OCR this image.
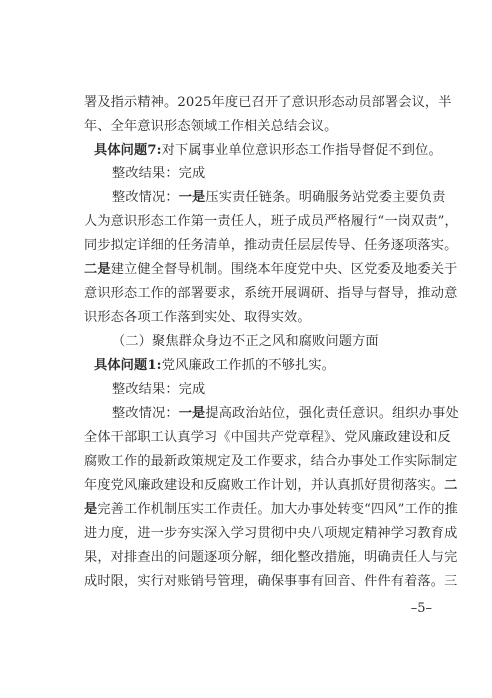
署及指示精神。2025年度已召开了意识形态动员部署会议，半
年、全年意识形态领域工作相关总结会议。
具体问题7:对下属事业单位意识形态工作指导督促不到位。
整改结果：完成
整改情况：一是压实责任链条。明确服务站党委主要负责
人为意识形态工作第一责任人，班子成员严格履行“一岗双责”，
同步拟定详细的任务清单，推动责任层层传导、任务逐项落实。
二是建立健全督导机制。围绕本年度党中央、区党委及地委关于
意识形态工作的部署要求，系统开展调研、指导与督导，推动意
识形态各项工作落到实处、取得实效。
（二）聚焦群众身边不正之风和腐败问题方面
具体问题1:党风廉政工作抓的不够扎实。
整改结果：完成
整改情况：一是提高政治站位，强化责任意识。组织办事处
全体干部职工认真学习《中国共产党章程》、党风廉政建设和反
腐败工作的最新政策规定及工作要求，结合办事处工作实际制定
年度党风廉政建设和反腐败工作计划，并认真抓好贯彻落实。二
是完善工作机制压实工作责任。加大办事处转变“四风”工作的推
进力度，进一步夯实深入学习贯彻中央八项规定精神学习教育成
果，对排查出的问题逐项分解，细化整改措施，明确责任人与完
成时限，实行对账销号管理，确保事事有回音、件件有着落。三
–5–
